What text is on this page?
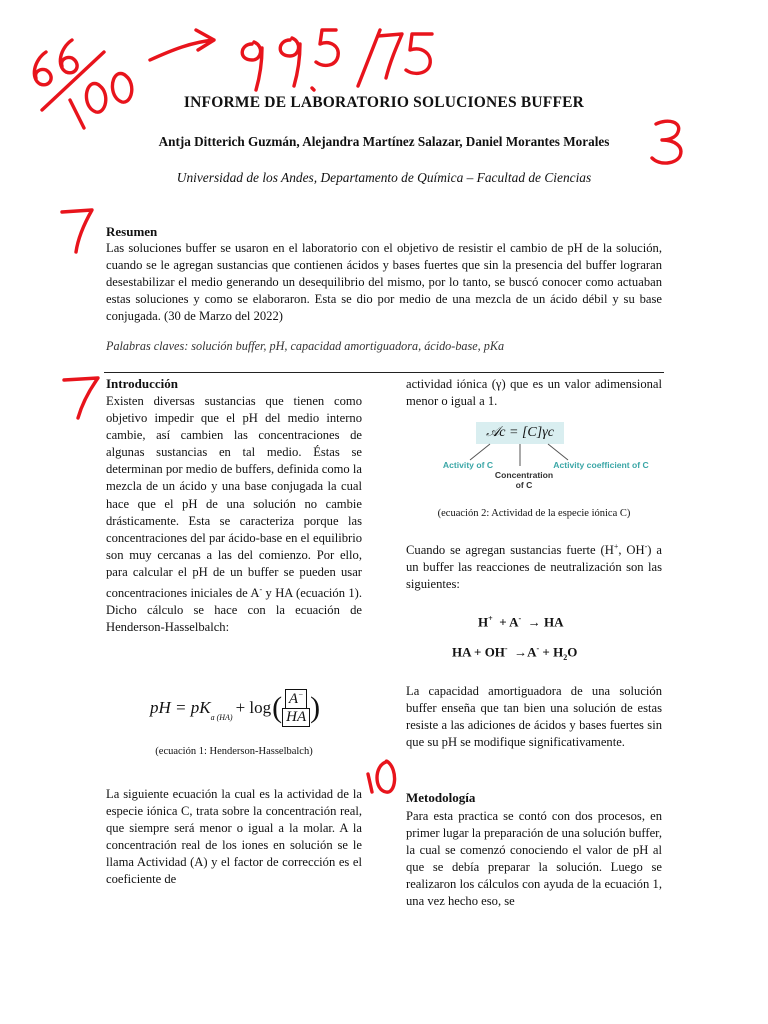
INFORME DE LABORATORIO SOLUCIONES BUFFER
Antja Ditterich Guzmán, Alejandra Martínez Salazar, Daniel Morantes Morales
Universidad de los Andes, Departamento de Química – Facultad de Ciencias
Resumen
Las soluciones buffer se usaron en el laboratorio con el objetivo de resistir el cambio de pH de la solución, cuando se le agregan sustancias que contienen ácidos y bases fuertes que sin la presencia del buffer lograran desestabilizar el medio generando un desequilibrio del mismo, por lo tanto, se buscó conocer como actuaban estas soluciones y como se elaboraron. Esta se dio por medio de una mezcla de un ácido débil y su base conjugada. (30 de Marzo del 2022)
Palabras claves: solución buffer, pH, capacidad amortiguadora, ácido-base, pKa
Introducción
Existen diversas sustancias que tienen como objetivo impedir que el pH del medio interno cambie, así cambien las concentraciones de algunas sustancias en tal medio. Éstas se determinan por medio de buffers, definida como la mezcla de un ácido y una base conjugada la cual hace que el pH de una solución no cambie drásticamente. Esta se caracteriza porque las concentraciones del par ácido-base en el equilibrio son muy cercanas a las del comienzo. Por ello, para calcular el pH de un buffer se pueden usar concentraciones iniciales de A- y HA (ecuación 1). Dicho cálculo se hace con la ecuación de Henderson-Hasselbalch:
pH = pK
a (HA)
+ log ( A−
HA )
(ecuación 1: Henderson-Hasselbalch)
La siguiente ecuación la cual es la actividad de la especie iónica C, trata sobre la concentración real, que siempre será menor o igual a la molar. A la concentración real de los iones en solución se le llama Actividad (A) y el factor de corrección es el coeficiente de
actividad iónica (γ) que es un valor adimensional menor o igual a 1.
𝒜c = [C]γc
Activity of C
Concentration of C
Activity coefficient of C
(ecuación 2: Actividad de la especie iónica C)
Cuando se agregan sustancias fuerte (H+, OH-) a un buffer las reacciones de neutralización son las siguientes:
H+ + A- → HA
HA + $OH^- \to A^- + H_2O$
La capacidad amortiguadora de una solución buffer enseña que tan bien una solución de estas resiste a las adiciones de ácidos y bases fuertes sin que su pH se modifique significativamente.
Metodología
Para esta practica se contó con dos procesos, en primer lugar la preparación de una solución buffer, la cual se comenzó conociendo el valor de pH al que se debía preparar la solución. Luego se realizaron los cálculos con ayuda de la ecuación 1, una vez hecho eso, se
